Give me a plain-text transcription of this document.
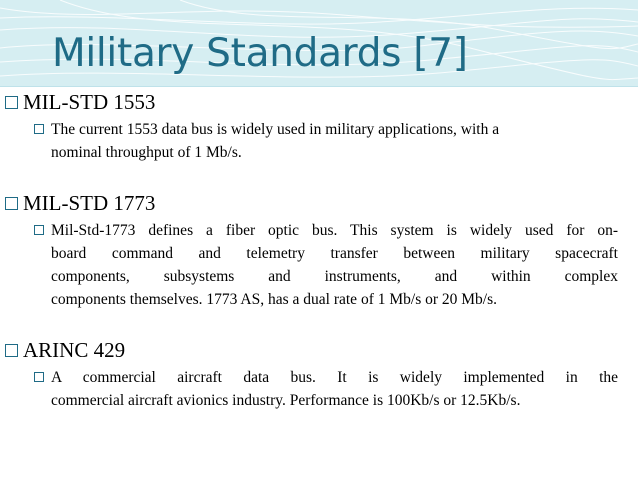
Military Standards [7]
MIL-STD 1553
The current 1553 data bus is widely used in military applications, with a
nominal throughput of 1 Mb/s.
MIL-STD 1773
Mil-Std-1773 defines a fiber optic bus. This system is widely used for on-
board command and telemetry transfer between military spacecraft
components, subsystems and instruments, and within complex
components themselves. 1773 AS, has a dual rate of 1 Mb/s or 20 Mb/s.
ARINC 429
A commercial aircraft data bus. It is widely implemented in the
commercial aircraft avionics industry. Performance is 100Kb/s or 12.5Kb/s.
